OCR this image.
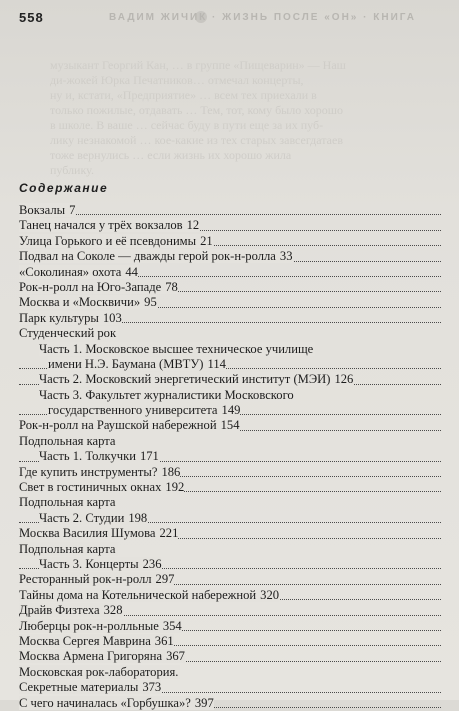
558	ВАДИМ ЖИЧИК · ЖИЗНЬ ПОСЛЕ «ОН» · КНИГА
музыкант Георгий Кан, … в группе «Пищеварин» — Наш
ди-жокей Юрка Печатников… отмечал концерты,
ну и, кстати, «Предприятие» … всем тех приехали в
только пожилые, отдавать … Тем, тот, кому было хорошо
в школе. В ваше … сейчас буду в пути еще за их пуб-
лику незнакомой … кое-какие из тех старых завсегдатаев
тоже вернулись … если жизнь их хорошо жила
публику.
Содержание
Вокзалы 7
Танец начался у трёх вокзалов 12
Улица Горького и её псевдонимы 21
Подвал на Соколе — дважды герой рок-н-ролла 33
«Соколиная» охота 44
Рок-н-ролл на Юго-Западе 78
Москва и «Москвичи» 95
Парк культуры 103
Студенческий рок
Часть 1. Московское высшее техническое училище
имени Н.Э. Баумана (МВТУ) 114
Часть 2. Московский энергетический институт (МЭИ) 126
Часть 3. Факультет журналистики Московского
государственного университета 149
Рок-н-ролл на Раушской набережной 154
Подпольная карта
Часть 1. Толкучки 171
Где купить инструменты? 186
Свет в гостиничных окнах 192
Подпольная карта
Часть 2. Студии 198
Москва Василия Шумова 221
Подпольная карта
Часть 3. Концерты 236
Ресторанный рок-н-ролл 297
Тайны дома на Котельнической набережной 320
Драйв Физтеха 328
Люберцы рок-н-ролльные 354
Москва Сергея Маврина 361
Москва Армена Григоряна 367
Московская рок-лаборатория.
Секретные материалы 373
С чего начиналась «Горбушка»? 397
